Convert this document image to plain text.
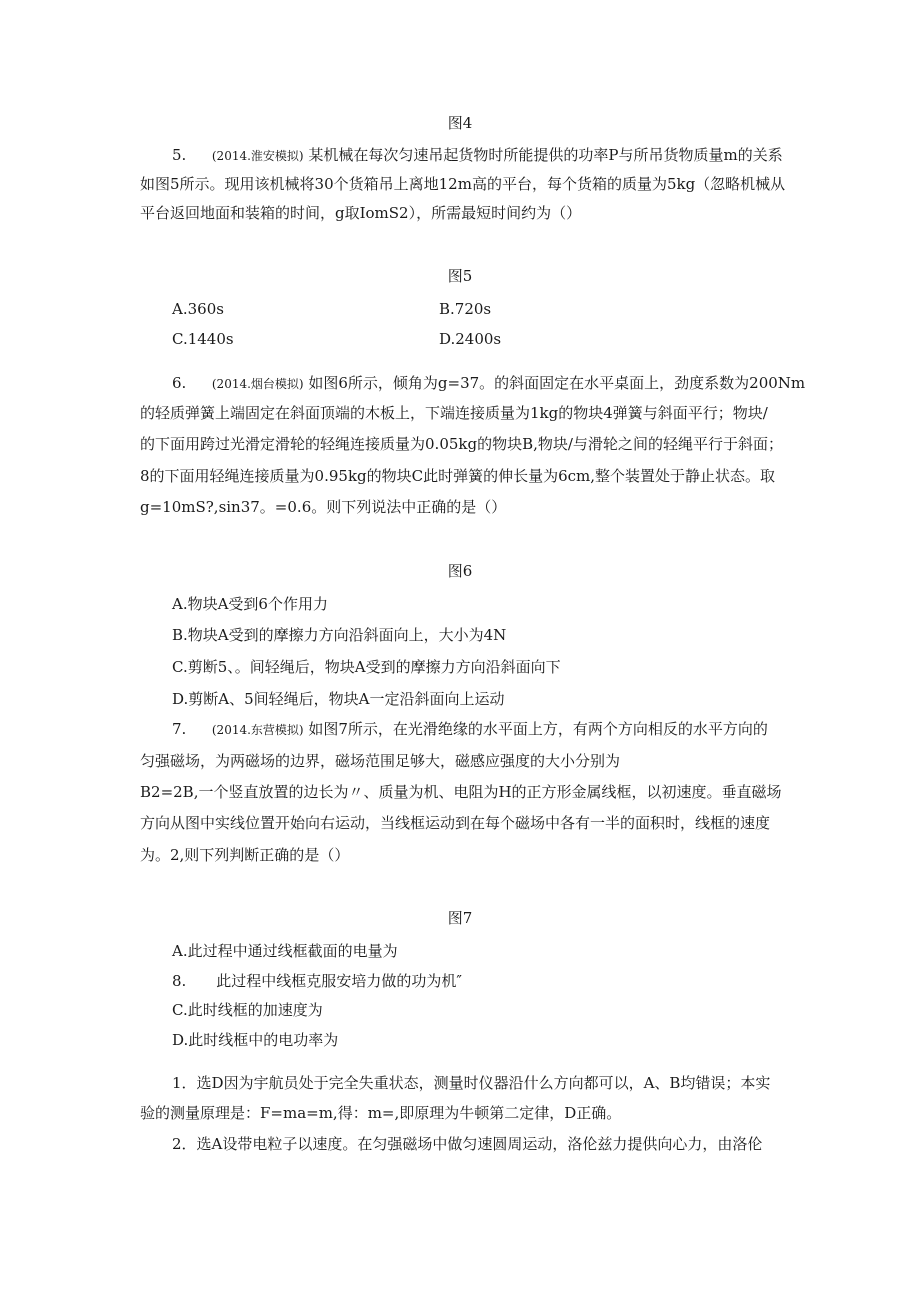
图4
5. (2014.淮安模拟) 某机械在每次匀速吊起货物时所能提供的功率P与所吊货物质量m的关系
如图5所示。现用该机械将30个货箱吊上离地12m高的平台，每个货箱的质量为5kg（忽略机械从
平台返回地面和装箱的时间，g取IomS2），所需最短时间约为（）
图5
A.360s	B.720s
C.1440s	D.2400s
6. (2014.烟台模拟) 如图6所示，倾角为g=37。的斜面固定在水平桌面上，劲度系数为200Nm
的轻质弹簧上端固定在斜面顶端的木板上，下端连接质量为1kg的物块4弹簧与斜面平行；物块/
的下面用跨过光滑定滑轮的轻绳连接质量为0.05kg的物块B,物块/与滑轮之间的轻绳平行于斜面；
8的下面用轻绳连接质量为0.95kg的物块C此时弹簧的伸长量为6cm,整个装置处于静止状态。取
g=10mS?,sin37。=0.6。则下列说法中正确的是（）
图6
A.物块A受到6个作用力
B.物块A受到的摩擦力方向沿斜面向上，大小为4N
C.剪断5、。间轻绳后，物块A受到的摩擦力方向沿斜面向下
D.剪断A、5间轻绳后，物块A一定沿斜面向上运动
7. (2014.东营模拟) 如图7所示，在光滑绝缘的水平面上方，有两个方向相反的水平方向的
匀强磁场，为两磁场的边界，磁场范围足够大，磁感应强度的大小分别为
B2=2B,一个竖直放置的边长为〃、质量为机、电阻为H的正方形金属线框，以初速度。垂直磁场
方向从图中实线位置开始向右运动，当线框运动到在每个磁场中各有一半的面积时，线框的速度
为。2,则下列判断正确的是（）
图7
A.此过程中通过线框截面的电量为
8.　　此过程中线框克服安培力做的功为机″
C.此时线框的加速度为
D.此时线框中的电功率为
1．选D因为宇航员处于完全失重状态，测量时仪器沿什么方向都可以，A、B均错误；本实
验的测量原理是：F=ma=m,得：m=,即原理为牛顿第二定律，D正确。
2．选A设带电粒子以速度。在匀强磁场中做匀速圆周运动，洛伦兹力提供向心力，由洛伦
